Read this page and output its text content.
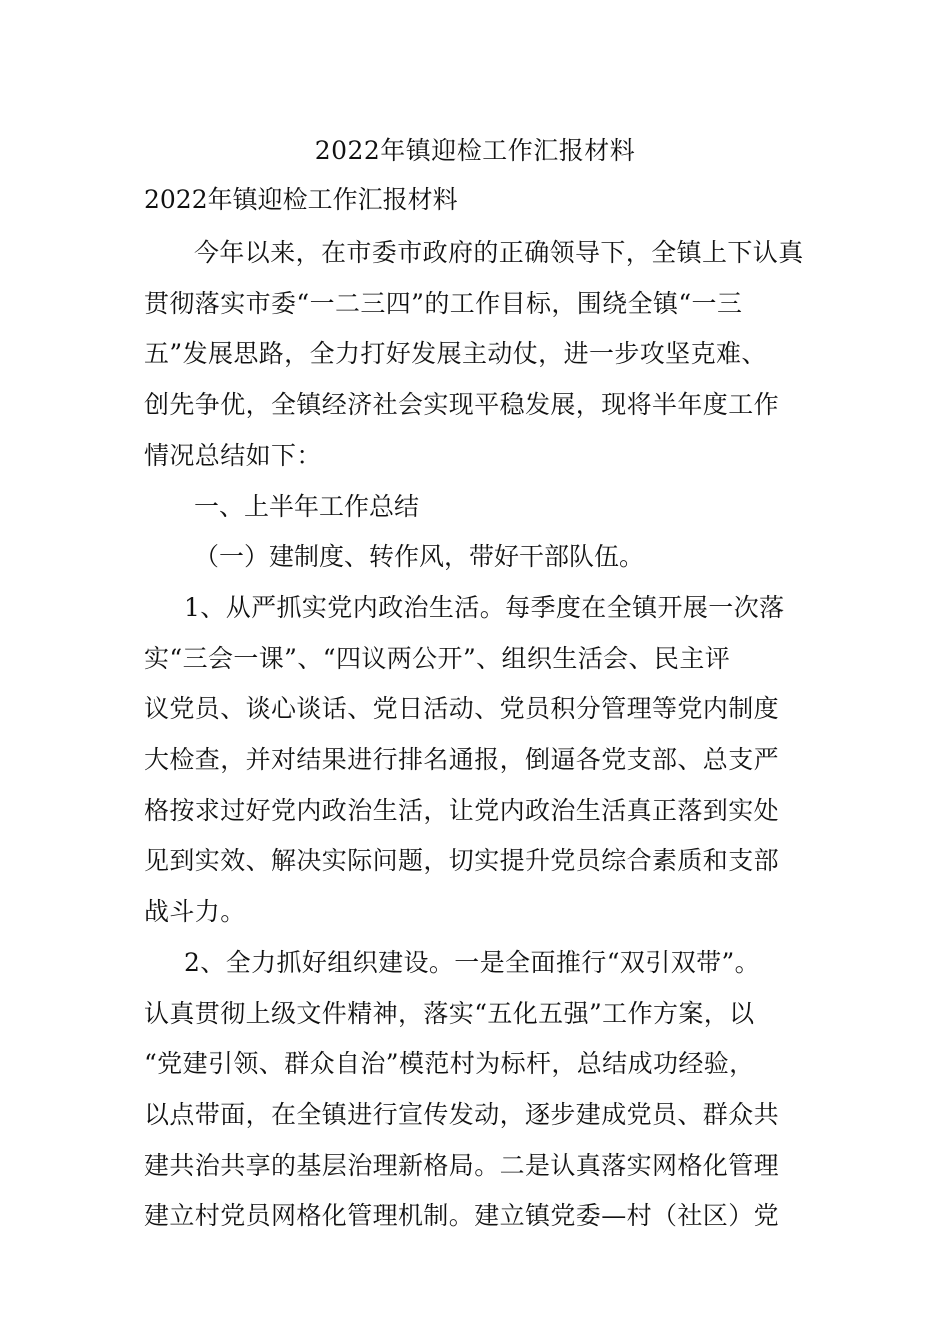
2022年镇迎检工作汇报材料
2022年镇迎检工作汇报材料

今年以来，在市委市政府的正确领导下，全镇上下认真
贯彻落实市委“一二三四”的工作目标，围绕全镇“一三
五”发展思路，全力打好发展主动仗，进一步攻坚克难、
创先争优，全镇经济社会实现平稳发展，现将半年度工作
情况总结如下：

一、上半年工作总结

（一）建制度、转作风，带好干部队伍。

1、从严抓实党内政治生活。每季度在全镇开展一次落
实“三会一课”、“四议两公开”、组织生活会、民主评
议党员、谈心谈话、党日活动、党员积分管理等党内制度
大检查，并对结果进行排名通报，倒逼各党支部、总支严
格按求过好党内政治生活，让党内政治生活真正落到实处
见到实效、解决实际问题，切实提升党员综合素质和支部
战斗力。

2、全力抓好组织建设。一是全面推行“双引双带”。
认真贯彻上级文件精神，落实“五化五强”工作方案，以
“党建引领、群众自治”模范村为标杆，总结成功经验，
以点带面，在全镇进行宣传发动，逐步建成党员、群众共
建共治共享的基层治理新格局。二是认真落实网格化管理
建立村党员网格化管理机制。建立镇党委—村（社区）党
